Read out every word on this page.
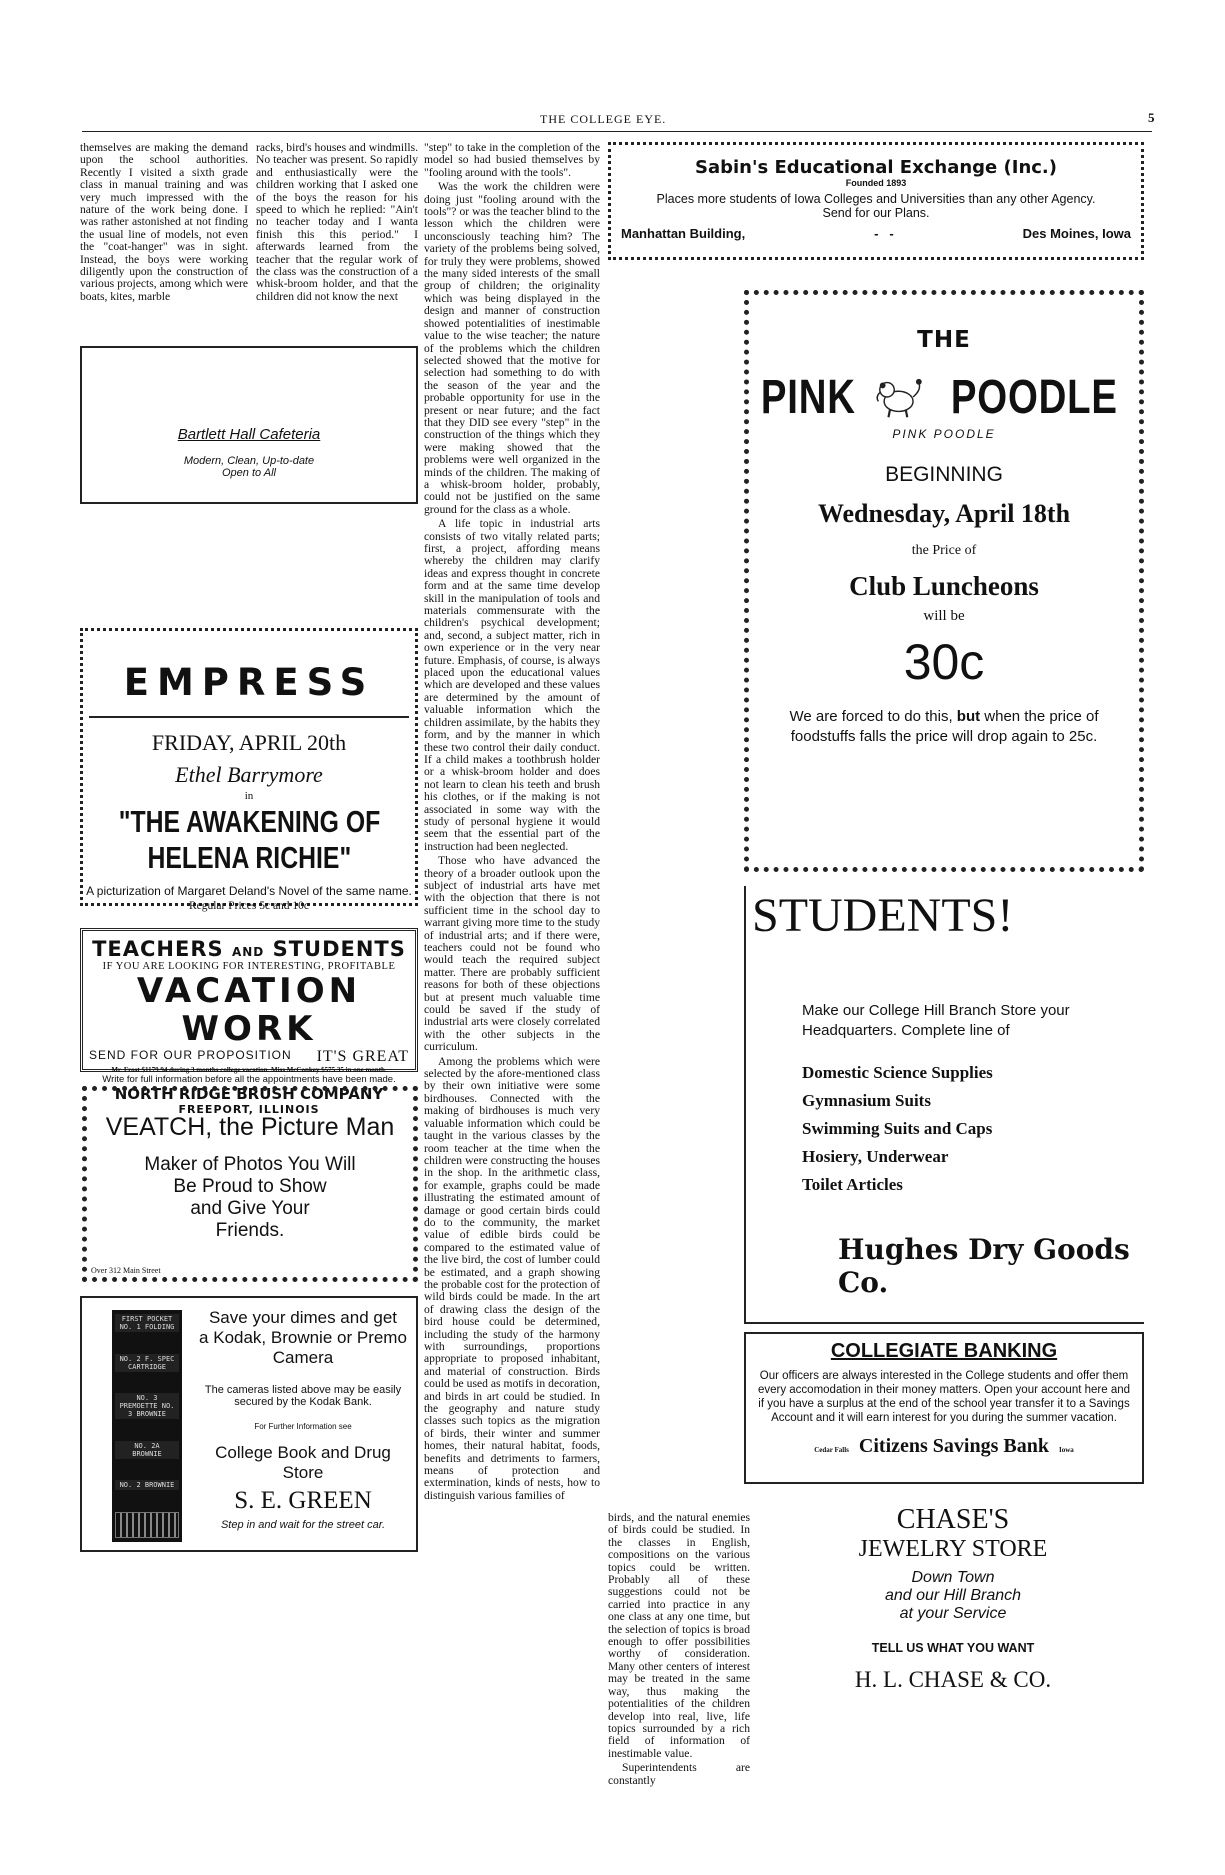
THE COLLEGE EYE.	5

themselves are making the demand upon the school authorities. Recently I visited a sixth grade class in manual training and was very much impressed with the nature of the work being done. I was rather astonished at not finding the usual line of models, not even the "coat-hanger" was in sight. Instead, the boys were working diligently upon the construction of various projects, among which were boats, kites, marble

racks, bird's houses and windmills. No teacher was present. So rapidly and enthusiastically were the children working that I asked one of the boys the reason for his speed to which he replied: "Ain't no teacher today and I wanta finish this this period." I afterwards learned from the teacher that the regular work of the class was the construction of a whisk-broom holder, and that the children did not know the next

Bartlett Hall Cafeteria
Modern, Clean, Up-to-date
Open to All
EMPRESS
FRIDAY, APRIL 20th
Ethel Barrymore
in
"THE AWAKENING OF
HELENA RICHIE"
A picturization of Margaret Deland's Novel of the same name.
Regular Prices 5c and 10c
TEACHERS AND STUDENTS
IF YOU ARE LOOKING FOR INTERESTING, PROFITABLE
VACATION WORK
SEND FOR OUR PROPOSITION IT'S GREAT
Mr. Frost $1179.94 during 3 months college vacation. Miss McConkey $575.35 in one month.
Write for full information before all the appointments have been made.
NORTH RIDGE BRUSH COMPANY
FREEPORT, ILLINOIS
VEATCH, the Picture Man
Maker of Photos You Will
Be Proud to Show
and Give Your
Friends.
Over 312 Main Street
FIRST POCKET NO. 1 FOLDING
NO. 2 F. SPEC CARTRIDGE
NO. 3 PREMOETTE NO. 3 BROWNIE
NO. 2A BROWNIE
NO. 2 BROWNIE
Save your dimes and get
a Kodak, Brownie or Premo
Camera
The cameras listed above may be easily secured by the Kodak Bank.
For Further Information see
College Book and Drug Store
S. E. GREEN
Step in and wait for the street car.

"step" to take in the completion of the model so had busied themselves by "fooling around with the tools".

Was the work the children were doing just "fooling around with the tools"? or was the teacher blind to the lesson which the children were unconsciously teaching him? The variety of the problems being solved, for truly they were problems, showed the many sided interests of the small group of children; the originality which was being displayed in the design and manner of construction showed potentialities of inestimable value to the wise teacher; the nature of the problems which the children selected showed that the motive for selection had something to do with the season of the year and the probable opportunity for use in the present or near future; and the fact that they DID see every "step" in the construction of the things which they were making showed that the problems were well organized in the minds of the children. The making of a whisk-broom holder, probably, could not be justified on the same ground for the class as a whole.

A life topic in industrial arts consists of two vitally related parts; first, a project, affording means whereby the children may clarify ideas and express thought in concrete form and at the same time develop skill in the manipulation of tools and materials commensurate with the children's psychical development; and, second, a subject matter, rich in own experience or in the very near future. Emphasis, of course, is always placed upon the educational values which are developed and these values are determined by the amount of valuable information which the children assimilate, by the habits they form, and by the manner in which these two control their daily conduct. If a child makes a toothbrush holder or a whisk-broom holder and does not learn to clean his teeth and brush his clothes, or if the making is not associated in some way with the study of personal hygiene it would seem that the essential part of the instruction had been neglected.

Those who have advanced the theory of a broader outlook upon the subject of industrial arts have met with the objection that there is not sufficient time in the school day to warrant giving more time to the study of industrial arts; and if there were, teachers could not be found who would teach the required subject matter. There are probably sufficient reasons for both of these objections but at present much valuable time could be saved if the study of industrial arts were closely correlated with the other subjects in the curriculum.

Among the problems which were selected by the afore-mentioned class by their own initiative were some birdhouses. Connected with the making of birdhouses is much very valuable information which could be taught in the various classes by the room teacher at the time when the children were constructing the houses in the shop. In the arithmetic class, for example, graphs could be made illustrating the estimated amount of damage or good certain birds could do to the community, the market value of edible birds could be compared to the estimated value of the live bird, the cost of lumber could be estimated, and a graph showing the probable cost for the protection of wild birds could be made. In the art of drawing class the design of the bird house could be determined, including the study of the harmony with surroundings, proportions appropriate to proposed inhabitant, and material of construction. Birds could be used as motifs in decoration, and birds in art could be studied. In the geography and nature study classes such topics as the migration of birds, their winter and summer homes, their natural habitat, foods, benefits and detriments to farmers, means of protection and extermination, kinds of nests, how to distinguish various families of

Sabin's Educational Exchange (Inc.)
Founded 1893
Places more students of Iowa Colleges and Universities than any other Agency. Send for our Plans.
Manhattan Building,	-   -	Des Moines, Iowa
THE
PINK POODLE
PINK POODLE
BEGINNING
Wednesday, April 18th
the Price of
Club Luncheons
will be
30c
We are forced to do this, but when the price of foodstuffs falls the price will drop again to 25c.
STUDENTS!
Make our College Hill Branch Store your Headquarters. Complete line of
Domestic Science Supplies
Gymnasium Suits
Swimming Suits and Caps
Hosiery, Underwear
Toilet Articles
Hughes Dry Goods Co.
COLLEGIATE BANKING
Our officers are always interested in the College students and offer them every accomodation in their money matters. Open your account here and if you have a surplus at the end of the school year transfer it to a Savings Account and it will earn interest for you during the summer vacation.
Cedar Falls Citizens Savings Bank Iowa

birds, and the natural enemies of birds could be studied. In the classes in English, compositions on the various topics could be written. Probably all of these suggestions could not be carried into practice in any one class at any one time, but the selection of topics is broad enough to offer possibilities worthy of consideration. Many other centers of interest may be treated in the same way, thus making the potentialities of the children develop into real, live, life topics surrounded by a rich field of information of inestimable value.

Superintendents are constantly

CHASE'S
JEWELRY STORE
Down Town
and our Hill Branch
at your Service
TELL US WHAT YOU WANT
H. L. CHASE & CO.
